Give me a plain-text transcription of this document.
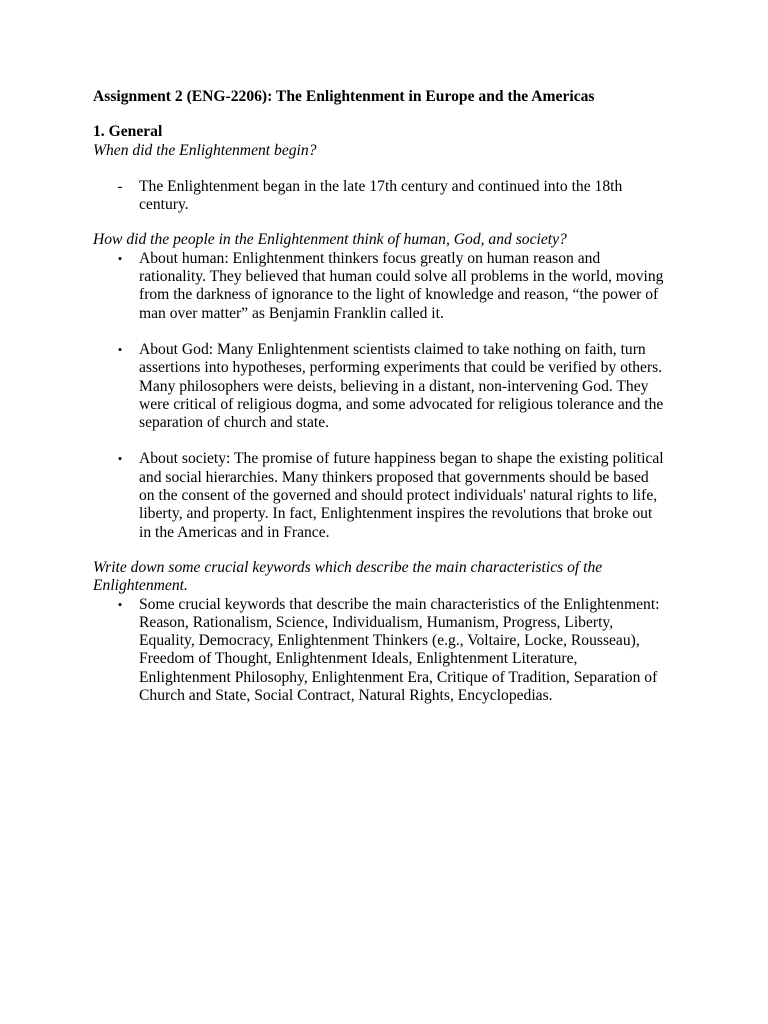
Assignment 2 (ENG-2206): The Enlightenment in Europe and the Americas

1. General

When did the Enlightenment begin?

-	The Enlightenment began in the late 17th century and continued into the 18th century.

How did the people in the Enlightenment think of human, God, and society?

•	About human: Enlightenment thinkers focus greatly on human reason and rationality. They believed that human could solve all problems in the world, moving from the darkness of ignorance to the light of knowledge and reason, “the power of man over matter” as Benjamin Franklin called it.
•	About God: Many Enlightenment scientists claimed to take nothing on faith, turn assertions into hypotheses, performing experiments that could be verified by others. Many philosophers were deists, believing in a distant, non-intervening God. They were critical of religious dogma, and some advocated for religious tolerance and the separation of church and state.
•	About society: The promise of future happiness began to shape the existing political and social hierarchies. Many thinkers proposed that governments should be based on the consent of the governed and should protect individuals' natural rights to life, liberty, and property. In fact, Enlightenment inspires the revolutions that broke out in the Americas and in France.

Write down some crucial keywords which describe the main characteristics of the Enlightenment.

•	Some crucial keywords that describe the main characteristics of the Enlightenment: Reason, Rationalism, Science, Individualism, Humanism, Progress, Liberty, Equality, Democracy, Enlightenment Thinkers (e.g., Voltaire, Locke, Rousseau), Freedom of Thought, Enlightenment Ideals, Enlightenment Literature, Enlightenment Philosophy, Enlightenment Era, Critique of Tradition, Separation of Church and State, Social Contract, Natural Rights, Encyclopedias.
